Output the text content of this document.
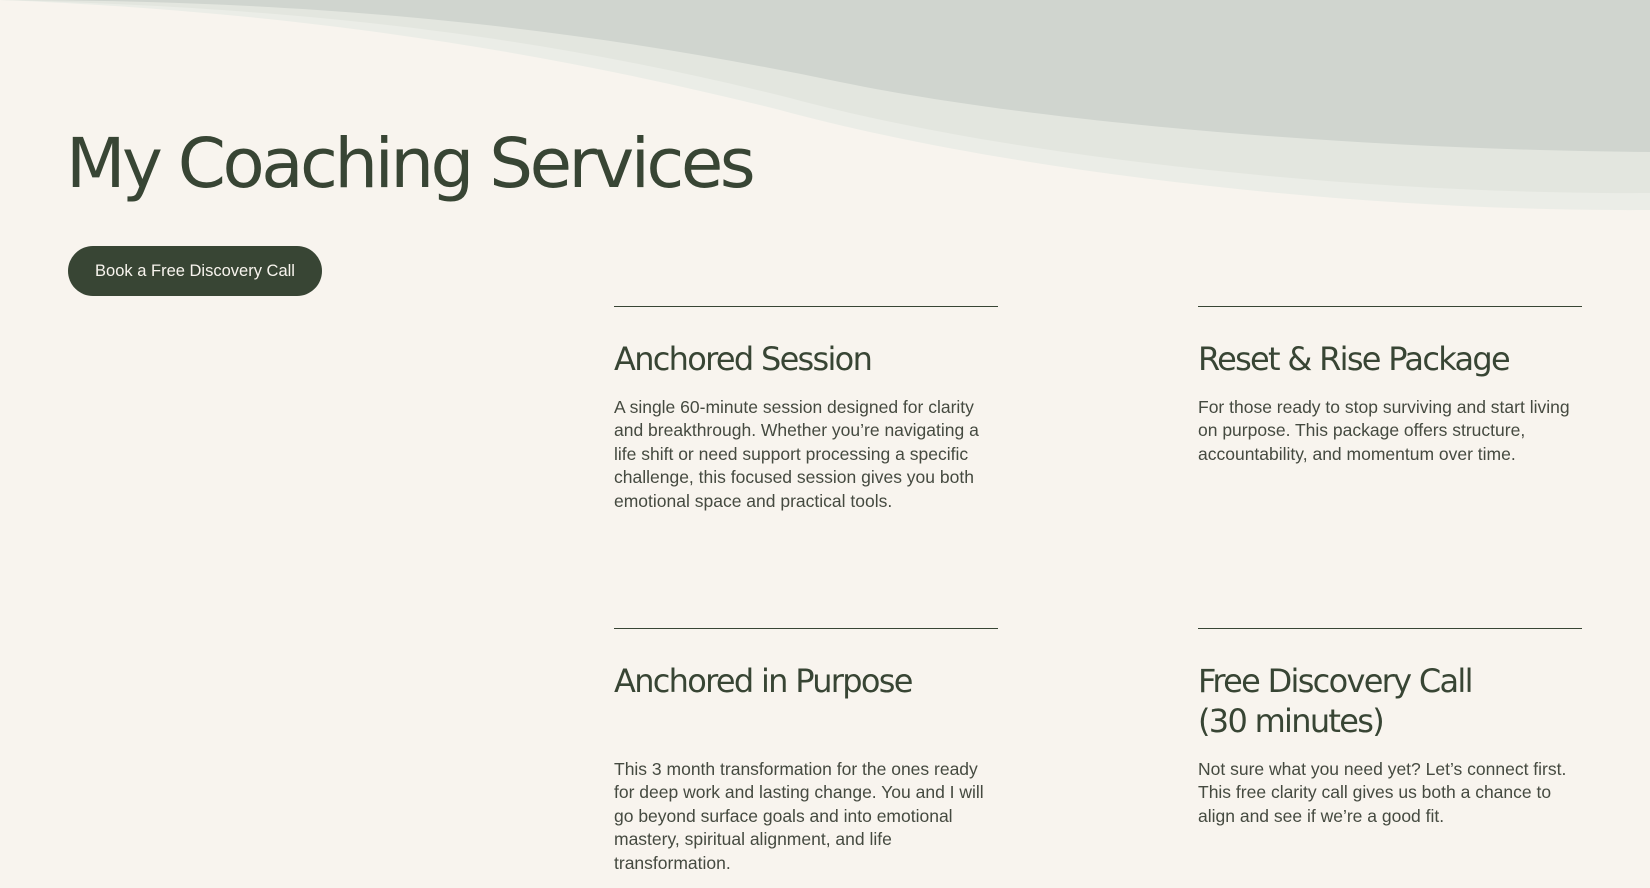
My Coaching Services
Book a Free Discovery Call
Anchored Session

A single 60-minute session designed for clarity and breakthrough. Whether you’re navigating a life shift or need support processing a specific challenge, this focused session gives you both emotional space and practical tools.

Reset & Rise Package

For those ready to stop surviving and start living on purpose. This package offers structure, accountability, and momentum over time.

Anchored in Purpose

This 3 month transformation for the ones ready for deep work and lasting change. You and I will go beyond surface goals and into emotional mastery, spiritual alignment, and life transformation.

Free Discovery Call
(30 minutes)

Not sure what you need yet? Let’s connect first. This free clarity call gives us both a chance to align and see if we’re a good fit.
